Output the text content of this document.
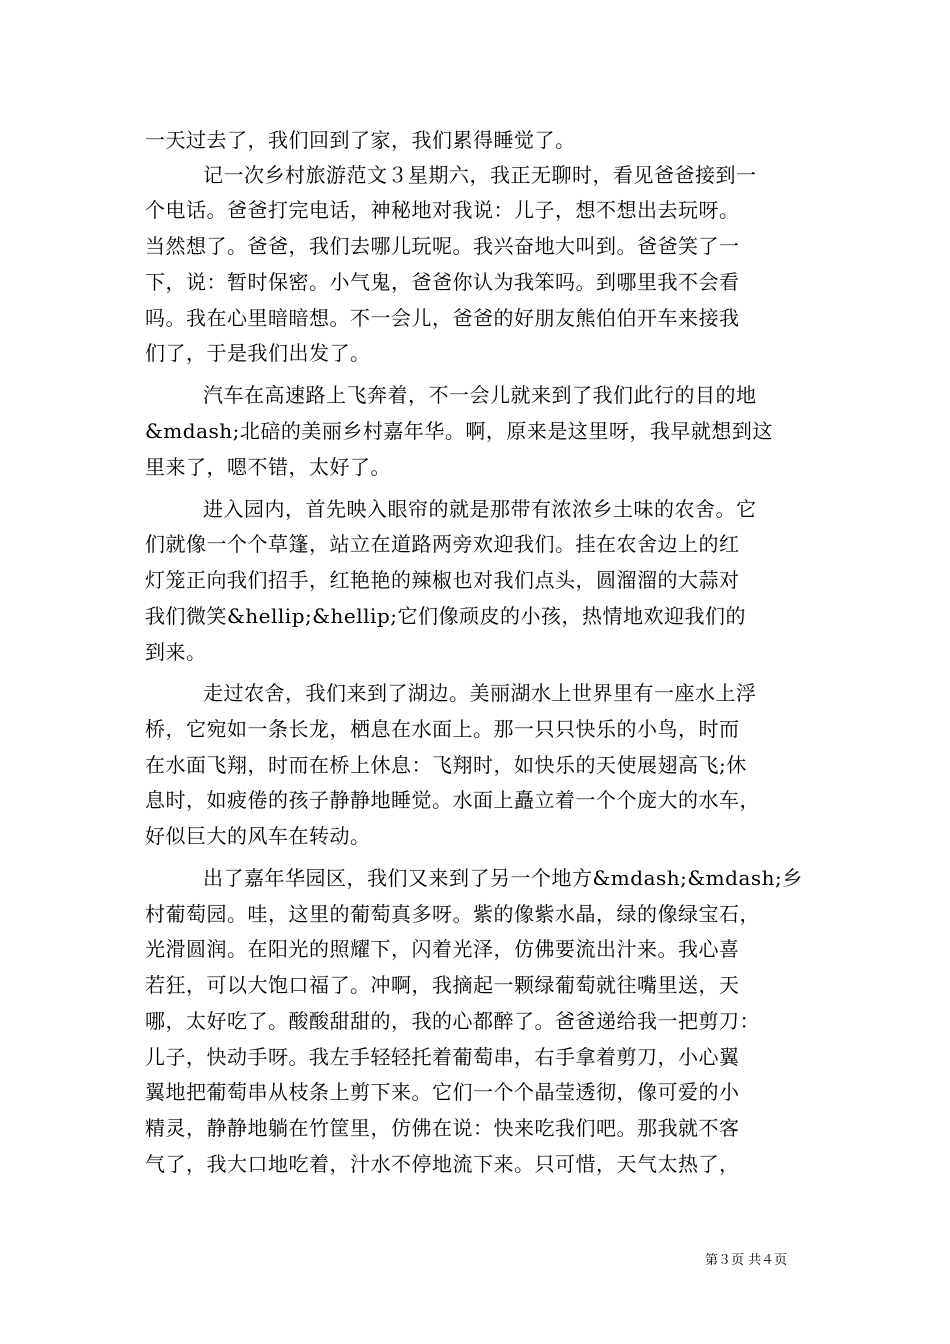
一天过去了，我们回到了家，我们累得睡觉了。
记一次乡村旅游范文３星期六，我正无聊时，看见爸爸接到一
个电话。爸爸打完电话，神秘地对我说：儿子，想不想出去玩呀。
当然想了。爸爸，我们去哪儿玩呢。我兴奋地大叫到。爸爸笑了一
下，说：暂时保密。小气鬼，爸爸你认为我笨吗。到哪里我不会看
吗。我在心里暗暗想。不一会儿，爸爸的好朋友熊伯伯开车来接我
们了，于是我们出发了。
汽车在高速路上飞奔着，不一会儿就来到了我们此行的目的地
&mdash;北碚的美丽乡村嘉年华。啊，原来是这里呀，我早就想到这
里来了，嗯不错，太好了。
进入园内，首先映入眼帘的就是那带有浓浓乡土味的农舍。它
们就像一个个草篷，站立在道路两旁欢迎我们。挂在农舍边上的红
灯笼正向我们招手，红艳艳的辣椒也对我们点头，圆溜溜的大蒜对
我们微笑&hellip;&hellip;它们像顽皮的小孩，热情地欢迎我们的
到来。
走过农舍，我们来到了湖边。美丽湖水上世界里有一座水上浮
桥，它宛如一条长龙，栖息在水面上。那一只只快乐的小鸟，时而
在水面飞翔，时而在桥上休息：飞翔时，如快乐的天使展翅高飞;休
息时，如疲倦的孩子静静地睡觉。水面上矗立着一个个庞大的水车，
好似巨大的风车在转动。
出了嘉年华园区，我们又来到了另一个地方&mdash;&mdash;乡
村葡萄园。哇，这里的葡萄真多呀。紫的像紫水晶，绿的像绿宝石，
光滑圆润。在阳光的照耀下，闪着光泽，仿佛要流出汁来。我心喜
若狂，可以大饱口福了。冲啊，我摘起一颗绿葡萄就往嘴里送，天
哪，太好吃了。酸酸甜甜的，我的心都醉了。爸爸递给我一把剪刀：
儿子，快动手呀。我左手轻轻托着葡萄串，右手拿着剪刀，小心翼
翼地把葡萄串从枝条上剪下来。它们一个个晶莹透彻，像可爱的小
精灵，静静地躺在竹筐里，仿佛在说：快来吃我们吧。那我就不客
气了，我大口地吃着，汁水不停地流下来。只可惜，天气太热了，
第３页 共４页
